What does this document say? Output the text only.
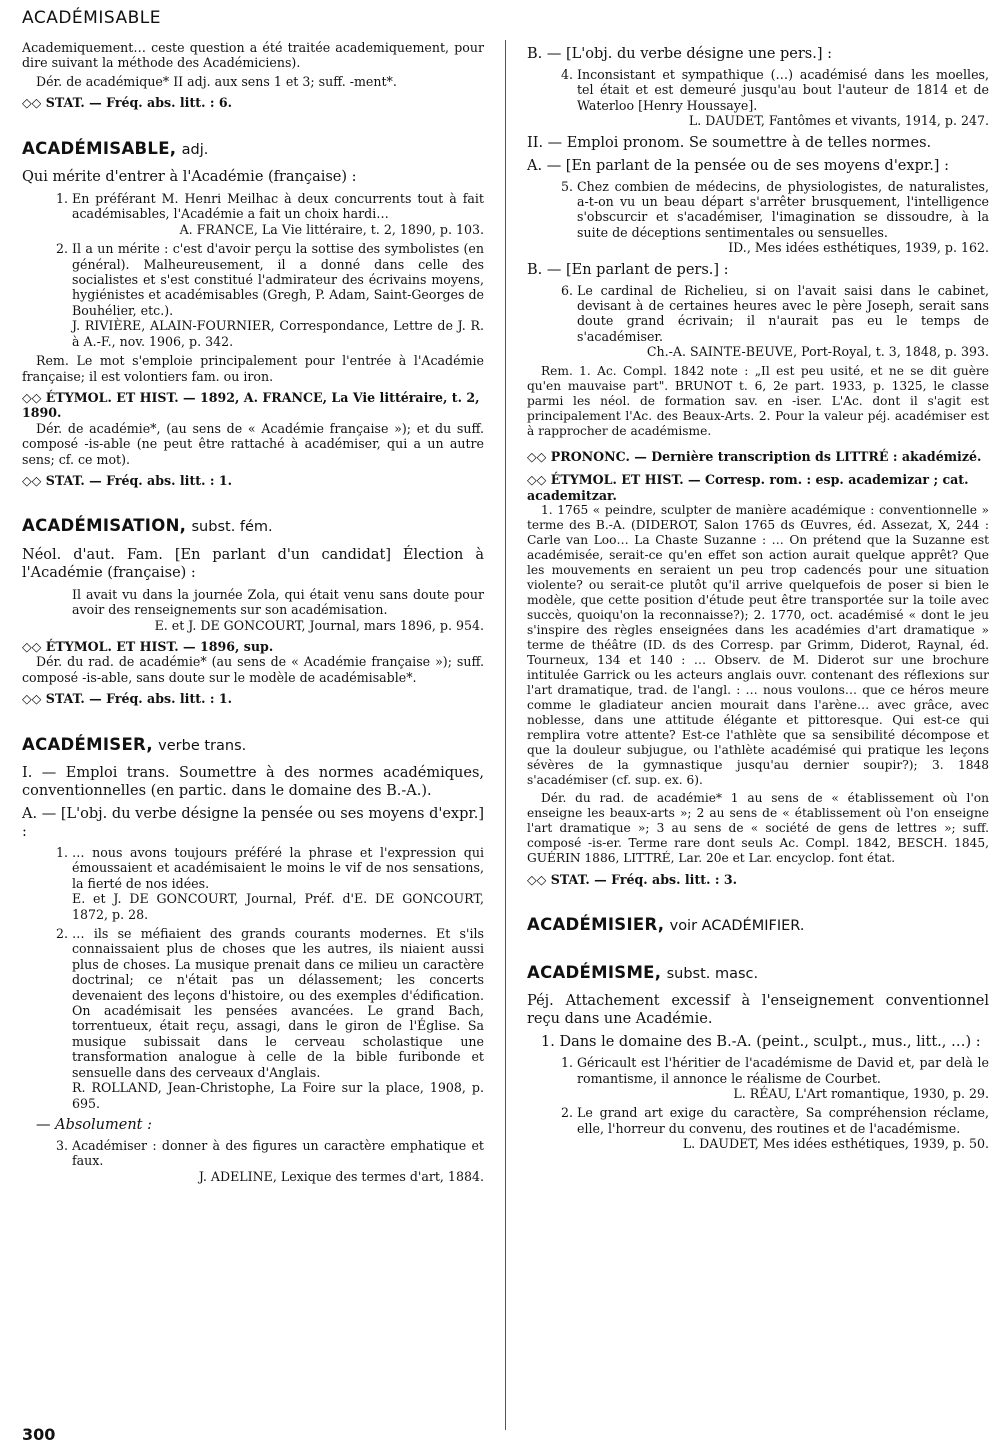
ACADÉMISABLE

Academiquement… ceste question a été traitée academiquement, pour dire suivant la méthode des Académiciens).

Dér. de académique* II adj. aux sens 1 et 3; suff. -ment*.

◇◇ STAT. — Fréq. abs. litt. : 6.

ACADÉMISABLE, adj.

Qui mérite d'entrer à l'Académie (française) :

1. En préférant M. Henri Meilhac à deux concurrents tout à fait académisables, l'Académie a fait un choix hardi…

A. FRANCE, La Vie littéraire, t. 2, 1890, p. 103.

2. Il a un mérite : c'est d'avoir perçu la sottise des symbolistes (en général). Malheureusement, il a donné dans celle des socialistes et s'est constitué l'admirateur des écrivains moyens, hygiénistes et académisables (Gregh, P. Adam, Saint-Georges de Bouhélier, etc.).

J. RIVIÈRE, ALAIN-FOURNIER, Correspondance, Lettre de J. R. à A.-F., nov. 1906, p. 342.

Rem. Le mot s'emploie principalement pour l'entrée à l'Académie française; il est volontiers fam. ou iron.

◇◇ ÉTYMOL. ET HIST. — 1892, A. FRANCE, La Vie littéraire, t. 2, 1890.

Dér. de académie*, (au sens de « Académie française »); et du suff. composé -is-able (ne peut être rattaché à académiser, qui a un autre sens; cf. ce mot).

◇◇ STAT. — Fréq. abs. litt. : 1.

ACADÉMISATION, subst. fém.

Néol. d'aut. Fam. [En parlant d'un candidat] Élection à l'Académie (française) :

Il avait vu dans la journée Zola, qui était venu sans doute pour avoir des renseignements sur son académisation.

E. et J. DE GONCOURT, Journal, mars 1896, p. 954.

◇◇ ÉTYMOL. ET HIST. — 1896, sup.

Dér. du rad. de académie* (au sens de « Académie française »); suff. composé -is-able, sans doute sur le modèle de académisable*.

◇◇ STAT. — Fréq. abs. litt. : 1.

ACADÉMISER, verbe trans.

I. — Emploi trans. Soumettre à des normes académiques, conventionnelles (en partic. dans le domaine des B.-A.).

A. — [L'obj. du verbe désigne la pensée ou ses moyens d'expr.] :

1. … nous avons toujours préféré la phrase et l'expression qui émoussaient et académisaient le moins le vif de nos sensations, la fierté de nos idées.

E. et J. DE GONCOURT, Journal, Préf. d'E. DE GONCOURT, 1872, p. 28.

2. … ils se méfiaient des grands courants modernes. Et s'ils connaissaient plus de choses que les autres, ils niaient aussi plus de choses. La musique prenait dans ce milieu un caractère doctrinal; ce n'était pas un délassement; les concerts devenaient des leçons d'histoire, ou des exemples d'édification. On académisait les pensées avancées. Le grand Bach, torrentueux, était reçu, assagi, dans le giron de l'Église. Sa musique subissait dans le cerveau scholastique une transformation analogue à celle de la bible furibonde et sensuelle dans des cerveaux d'Anglais.

R. ROLLAND, Jean-Christophe, La Foire sur la place, 1908, p. 695.

— Absolument :

3. Académiser : donner à des figures un caractère emphatique et faux.

J. ADELINE, Lexique des termes d'art, 1884.

B. — [L'obj. du verbe désigne une pers.] :

4. Inconsistant et sympathique (…) académisé dans les moelles, tel était et est demeuré jusqu'au bout l'auteur de 1814 et de Waterloo [Henry Houssaye].

L. DAUDET, Fantômes et vivants, 1914, p. 247.

II. — Emploi pronom. Se soumettre à de telles normes.

A. — [En parlant de la pensée ou de ses moyens d'expr.] :

5. Chez combien de médecins, de physiologistes, de naturalistes, a-t-on vu un beau départ s'arrêter brusquement, l'intelligence s'obscurcir et s'académiser, l'imagination se dissoudre, à la suite de déceptions sentimentales ou sensuelles.

ID., Mes idées esthétiques, 1939, p. 162.

B. — [En parlant de pers.] :

6. Le cardinal de Richelieu, si on l'avait saisi dans le cabinet, devisant à de certaines heures avec le père Joseph, serait sans doute grand écrivain; il n'aurait pas eu le temps de s'académiser.

Ch.-A. SAINTE-BEUVE, Port-Royal, t. 3, 1848, p. 393.

Rem. 1. Ac. Compl. 1842 note : „Il est peu usité, et ne se dit guère qu'en mauvaise part". BRUNOT t. 6, 2e part. 1933, p. 1325, le classe parmi les néol. de formation sav. en -iser. L'Ac. dont il s'agit est principalement l'Ac. des Beaux-Arts. 2. Pour la valeur péj. académiser est à rapprocher de académisme.

◇◇ PRONONC. — Dernière transcription ds LITTRÉ : akadémizé.

◇◇ ÉTYMOL. ET HIST. — Corresp. rom. : esp. academizar ; cat. academitzar.

1. 1765 « peindre, sculpter de manière académique : conventionnelle » terme des B.-A. (DIDEROT, Salon 1765 ds Œuvres, éd. Assezat, X, 244 : Carle van Loo… La Chaste Suzanne : … On prétend que la Suzanne est académisée, serait-ce qu'en effet son action aurait quelque apprêt? Que les mouvements en seraient un peu trop cadencés pour une situation violente? ou serait-ce plutôt qu'il arrive quelquefois de poser si bien le modèle, que cette position d'étude peut être transportée sur la toile avec succès, quoiqu'on la reconnaisse?); 2. 1770, oct. académisé « dont le jeu s'inspire des règles enseignées dans les académies d'art dramatique » terme de théâtre (ID. ds des Corresp. par Grimm, Diderot, Raynal, éd. Tourneux, 134 et 140 : … Observ. de M. Diderot sur une brochure intitulée Garrick ou les acteurs anglais ouvr. contenant des réflexions sur l'art dramatique, trad. de l'angl. : … nous voulons… que ce héros meure comme le gladiateur ancien mourait dans l'arène… avec grâce, avec noblesse, dans une attitude élégante et pittoresque. Qui est-ce qui remplira votre attente? Est-ce l'athlète que sa sensibilité décompose et que la douleur subjugue, ou l'athlète académisé qui pratique les leçons sévères de la gymnastique jusqu'au dernier soupir?); 3. 1848 s'académiser (cf. sup. ex. 6).

Dér. du rad. de académie* 1 au sens de « établissement où l'on enseigne les beaux-arts »; 2 au sens de « établissement où l'on enseigne l'art dramatique »; 3 au sens de « société de gens de lettres »; suff. composé -is-er. Terme rare dont seuls Ac. Compl. 1842, BESCH. 1845, GUÉRIN 1886, LITTRÉ, Lar. 20e et Lar. encyclop. font état.

◇◇ STAT. — Fréq. abs. litt. : 3.

ACADÉMISIER, voir ACADÉMIFIER.
ACADÉMISME, subst. masc.

Péj. Attachement excessif à l'enseignement conventionnel reçu dans une Académie.

1. Dans le domaine des B.-A. (peint., sculpt., mus., litt., …) :

1. Géricault est l'héritier de l'académisme de David et, par delà le romantisme, il annonce le réalisme de Courbet.

L. RÉAU, L'Art romantique, 1930, p. 29.

2. Le grand art exige du caractère, Sa compréhension réclame, elle, l'horreur du convenu, des routines et de l'académisme.

L. DAUDET, Mes idées esthétiques, 1939, p. 50.

300
